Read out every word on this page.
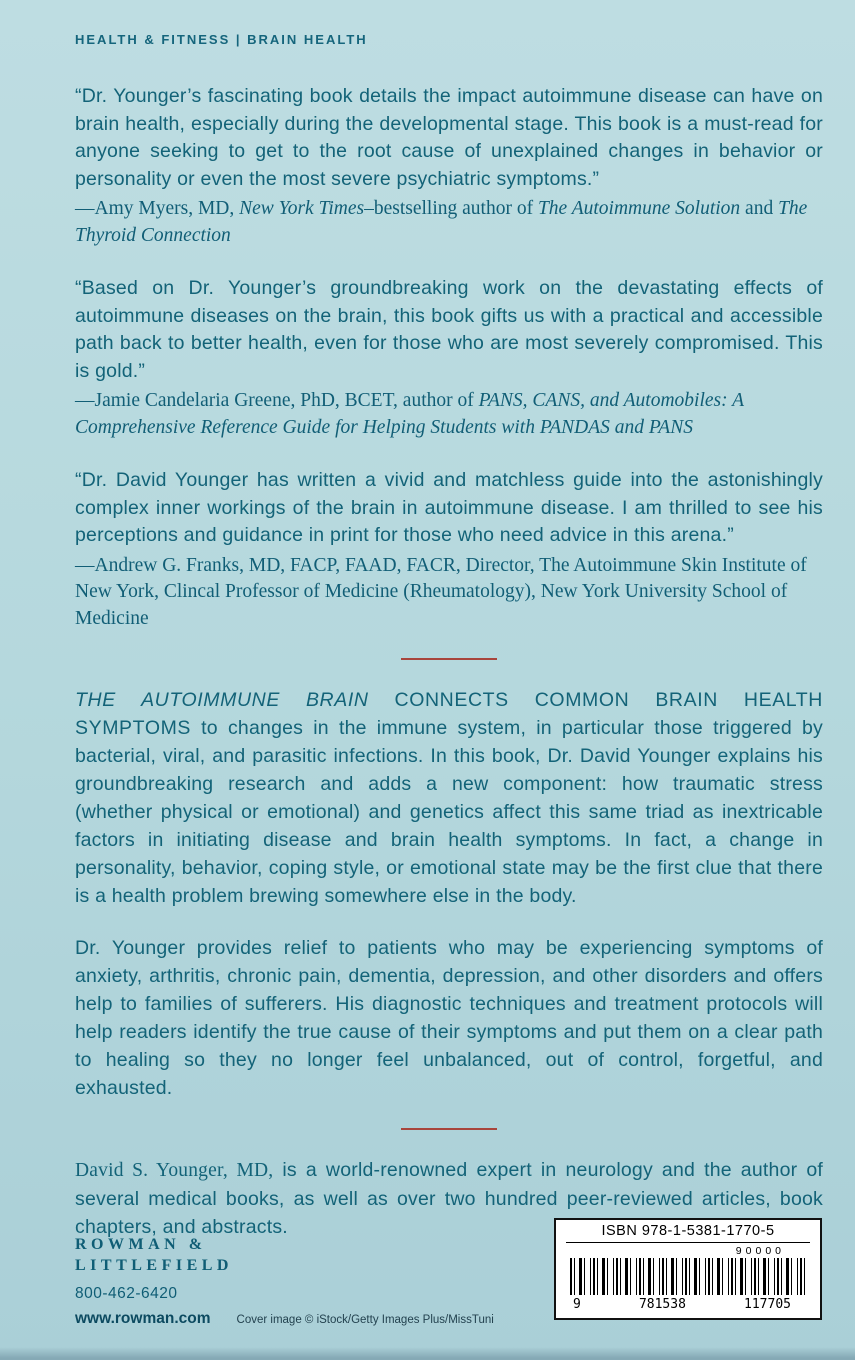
HEALTH & FITNESS | BRAIN HEALTH

“Dr. Younger’s fascinating book details the impact autoimmune disease can have on brain health, especially during the developmental stage. This book is a must-read for anyone seeking to get to the root cause of unexplained changes in behavior or personality or even the most severe psychiatric symptoms.”

—Amy Myers, MD, New York Times–bestselling author of The Autoimmune Solution and The Thyroid Connection

“Based on Dr. Younger’s groundbreaking work on the devastating effects of autoimmune diseases on the brain, this book gifts us with a practical and accessible path back to better health, even for those who are most severely compromised. This is gold.”

—Jamie Candelaria Greene, PhD, BCET, author of PANS, CANS, and Automobiles: A Comprehensive Reference Guide for Helping Students with PANDAS and PANS

“Dr. David Younger has written a vivid and matchless guide into the astonishingly complex inner workings of the brain in autoimmune disease. I am thrilled to see his perceptions and guidance in print for those who need advice in this arena.”

—Andrew G. Franks, MD, FACP, FAAD, FACR, Director, The Autoimmune Skin Institute of New York, Clincal Professor of Medicine (Rheumatology), New York University School of Medicine

THE AUTOIMMUNE BRAIN CONNECTS COMMON BRAIN HEALTH SYMPTOMS to changes in the immune system, in particular those triggered by bacterial, viral, and parasitic infections. In this book, Dr. David Younger explains his groundbreaking research and adds a new component: how traumatic stress (whether physical or emotional) and genetics affect this same triad as inextricable factors in initiating disease and brain health symptoms. In fact, a change in personality, behavior, coping style, or emotional state may be the first clue that there is a health problem brewing somewhere else in the body.

Dr. Younger provides relief to patients who may be experiencing symptoms of anxiety, arthritis, chronic pain, dementia, depression, and other disorders and offers help to families of sufferers. His diagnostic techniques and treatment protocols will help readers identify the true cause of their symptoms and put them on a clear path to healing so they no longer feel unbalanced, out of control, forgetful, and exhausted.

David S. Younger, MD, is a world-renowned expert in neurology and the author of several medical books, as well as over two hundred peer-reviewed articles, book chapters, and abstracts.

ROWMAN &
LITTLEFIELD
800-462-6420
www.rowman.com Cover image © iStock/Getty Images Plus/MissTuni
ISBN 978-1-5381-1770-5
90000
9	781538	117705
